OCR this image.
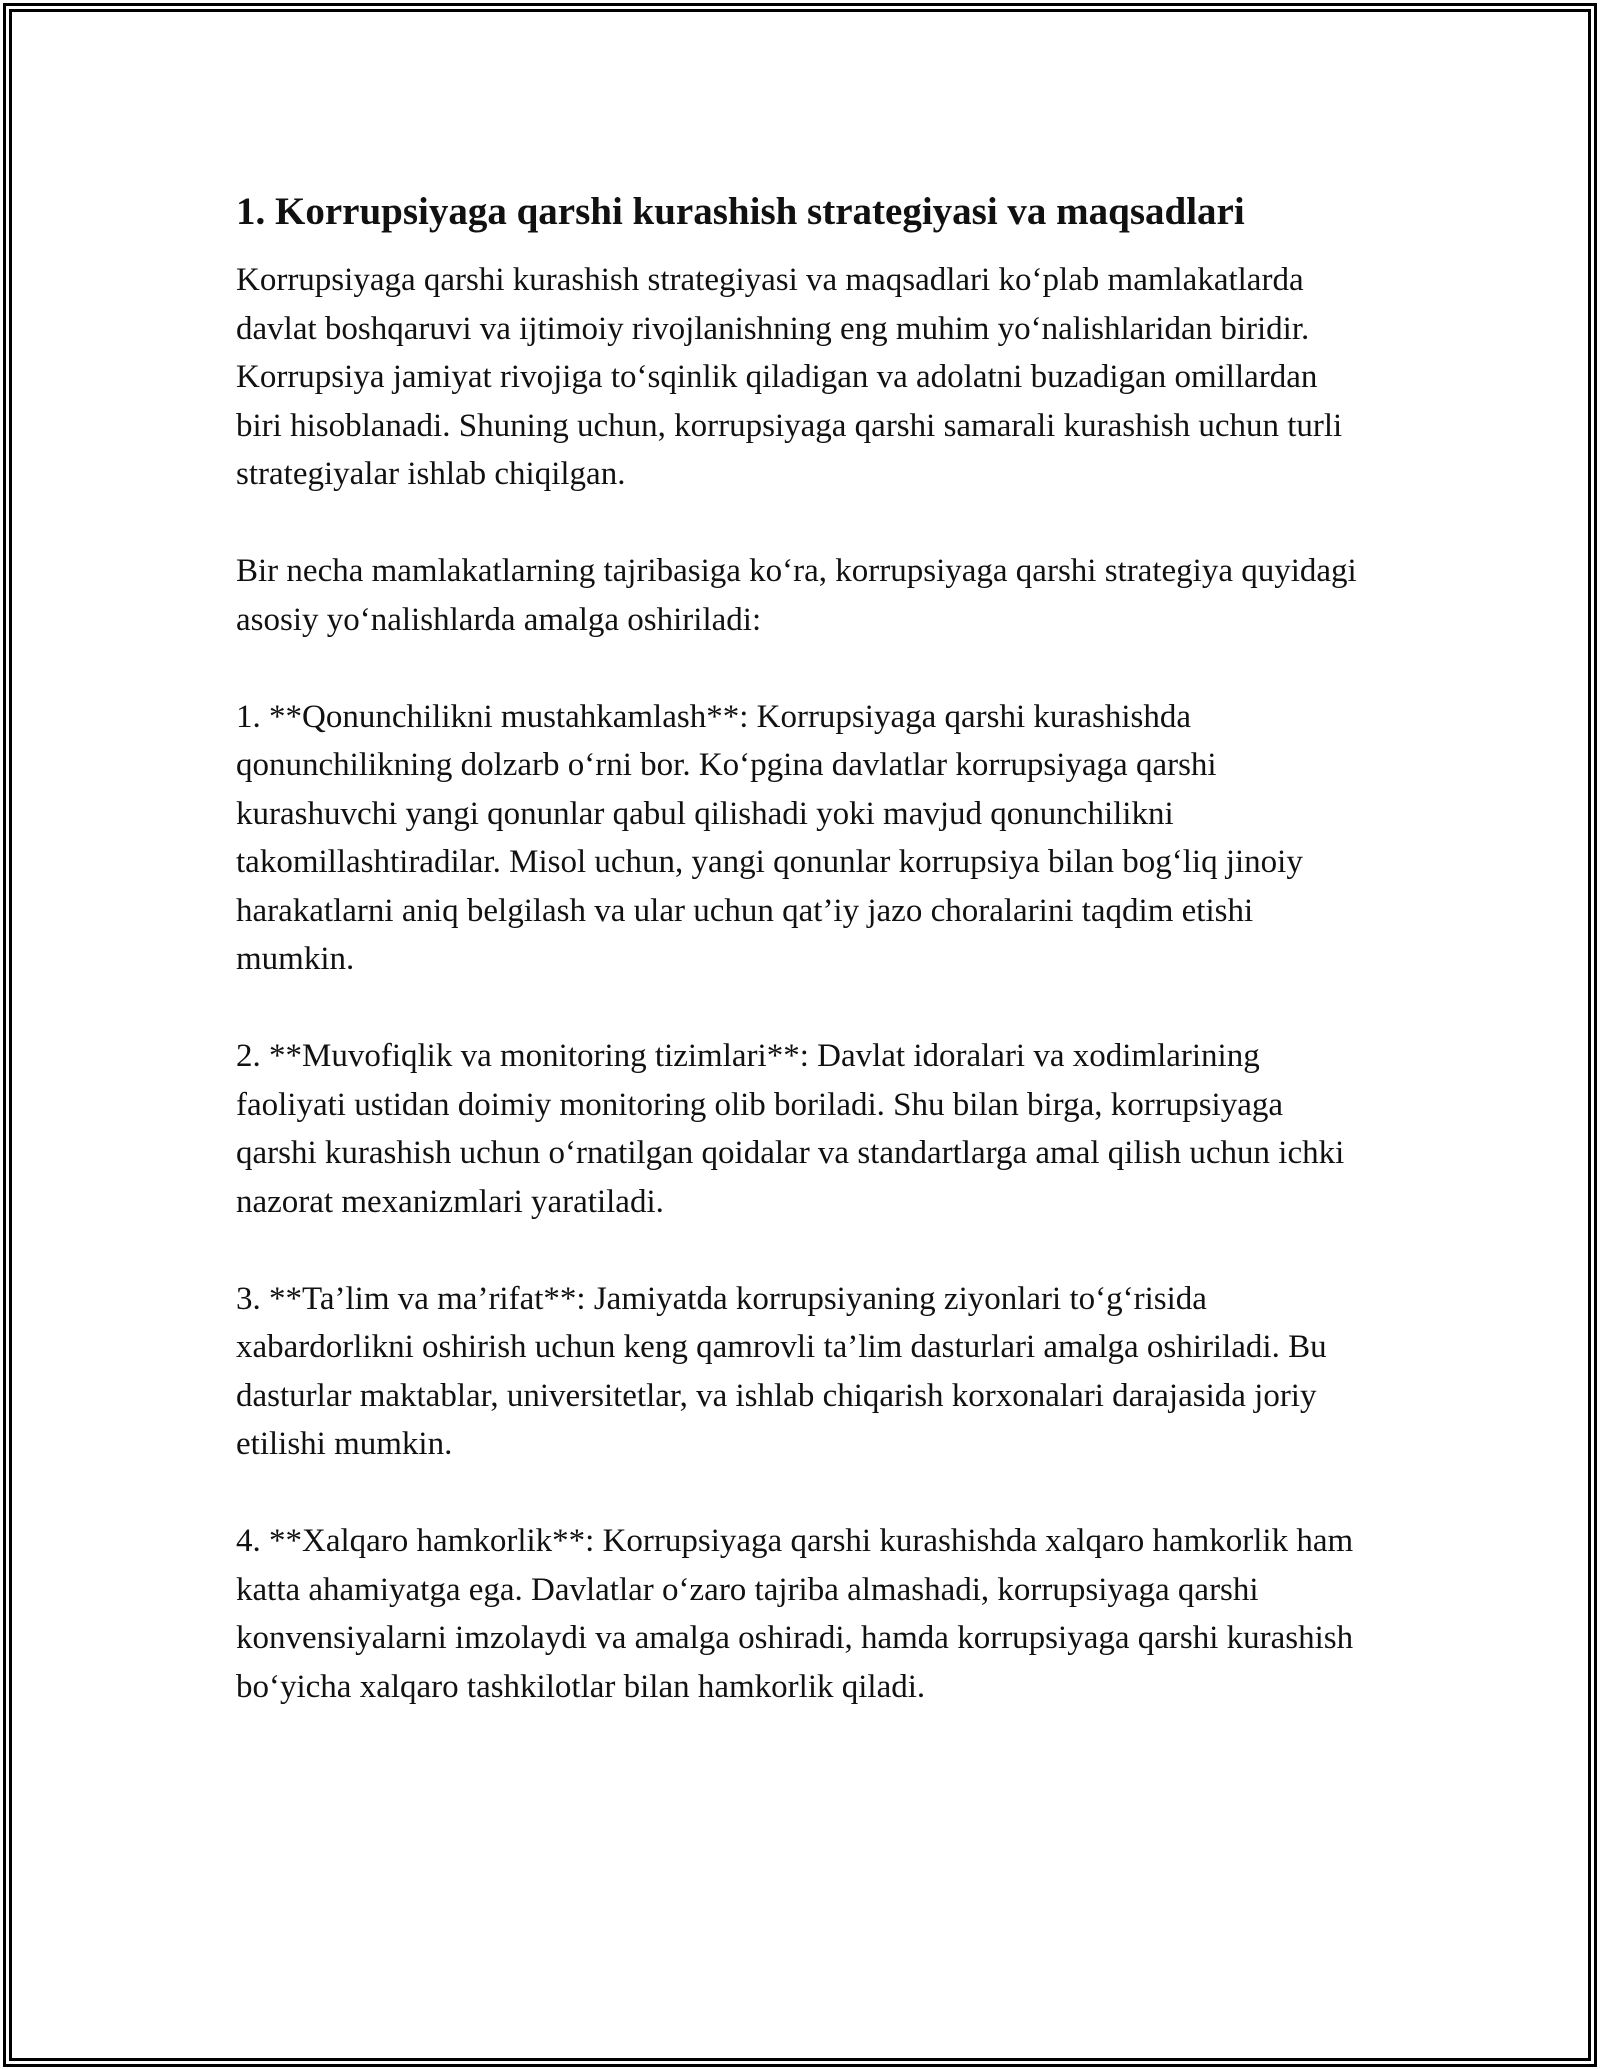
1. Korrupsiyaga qarshi kurashish strategiyasi va maqsadlari

Korrupsiyaga qarshi kurashish strategiyasi va maqsadlari ko‘plab mamlakatlarda davlat boshqaruvi va ijtimoiy rivojlanishning eng muhim yo‘nalishlaridan biridir. Korrupsiya jamiyat rivojiga to‘sqinlik qiladigan va adolatni buzadigan omillardan biri hisoblanadi. Shuning uchun, korrupsiyaga qarshi samarali kurashish uchun turli strategiyalar ishlab chiqilgan.

Bir necha mamlakatlarning tajribasiga ko‘ra, korrupsiyaga qarshi strategiya quyidagi asosiy yo‘nalishlarda amalga oshiriladi:

1. **Qonunchilikni mustahkamlash**: Korrupsiyaga qarshi kurashishda qonunchilikning dolzarb o‘rni bor. Ko‘pgina davlatlar korrupsiyaga qarshi kurashuvchi yangi qonunlar qabul qilishadi yoki mavjud qonunchilikni takomillashtiradilar. Misol uchun, yangi qonunlar korrupsiya bilan bog‘liq jinoiy harakatlarni aniq belgilash va ular uchun qat’iy jazo choralarini taqdim etishi mumkin.

2. **Muvofiqlik va monitoring tizimlari**: Davlat idoralari va xodimlarining faoliyati ustidan doimiy monitoring olib boriladi. Shu bilan birga, korrupsiyaga qarshi kurashish uchun o‘rnatilgan qoidalar va standartlarga amal qilish uchun ichki nazorat mexanizmlari yaratiladi.

3. **Ta’lim va ma’rifat**: Jamiyatda korrupsiyaning ziyonlari to‘g‘risida xabardorlikni oshirish uchun keng qamrovli ta’lim dasturlari amalga oshiriladi. Bu dasturlar maktablar, universitetlar, va ishlab chiqarish korxonalari darajasida joriy etilishi mumkin.

4. **Xalqaro hamkorlik**: Korrupsiyaga qarshi kurashishda xalqaro hamkorlik ham katta ahamiyatga ega. Davlatlar o‘zaro tajriba almashadi, korrupsiyaga qarshi konvensiyalarni imzolaydi va amalga oshiradi, hamda korrupsiyaga qarshi kurashish bo‘yicha xalqaro tashkilotlar bilan hamkorlik qiladi.
